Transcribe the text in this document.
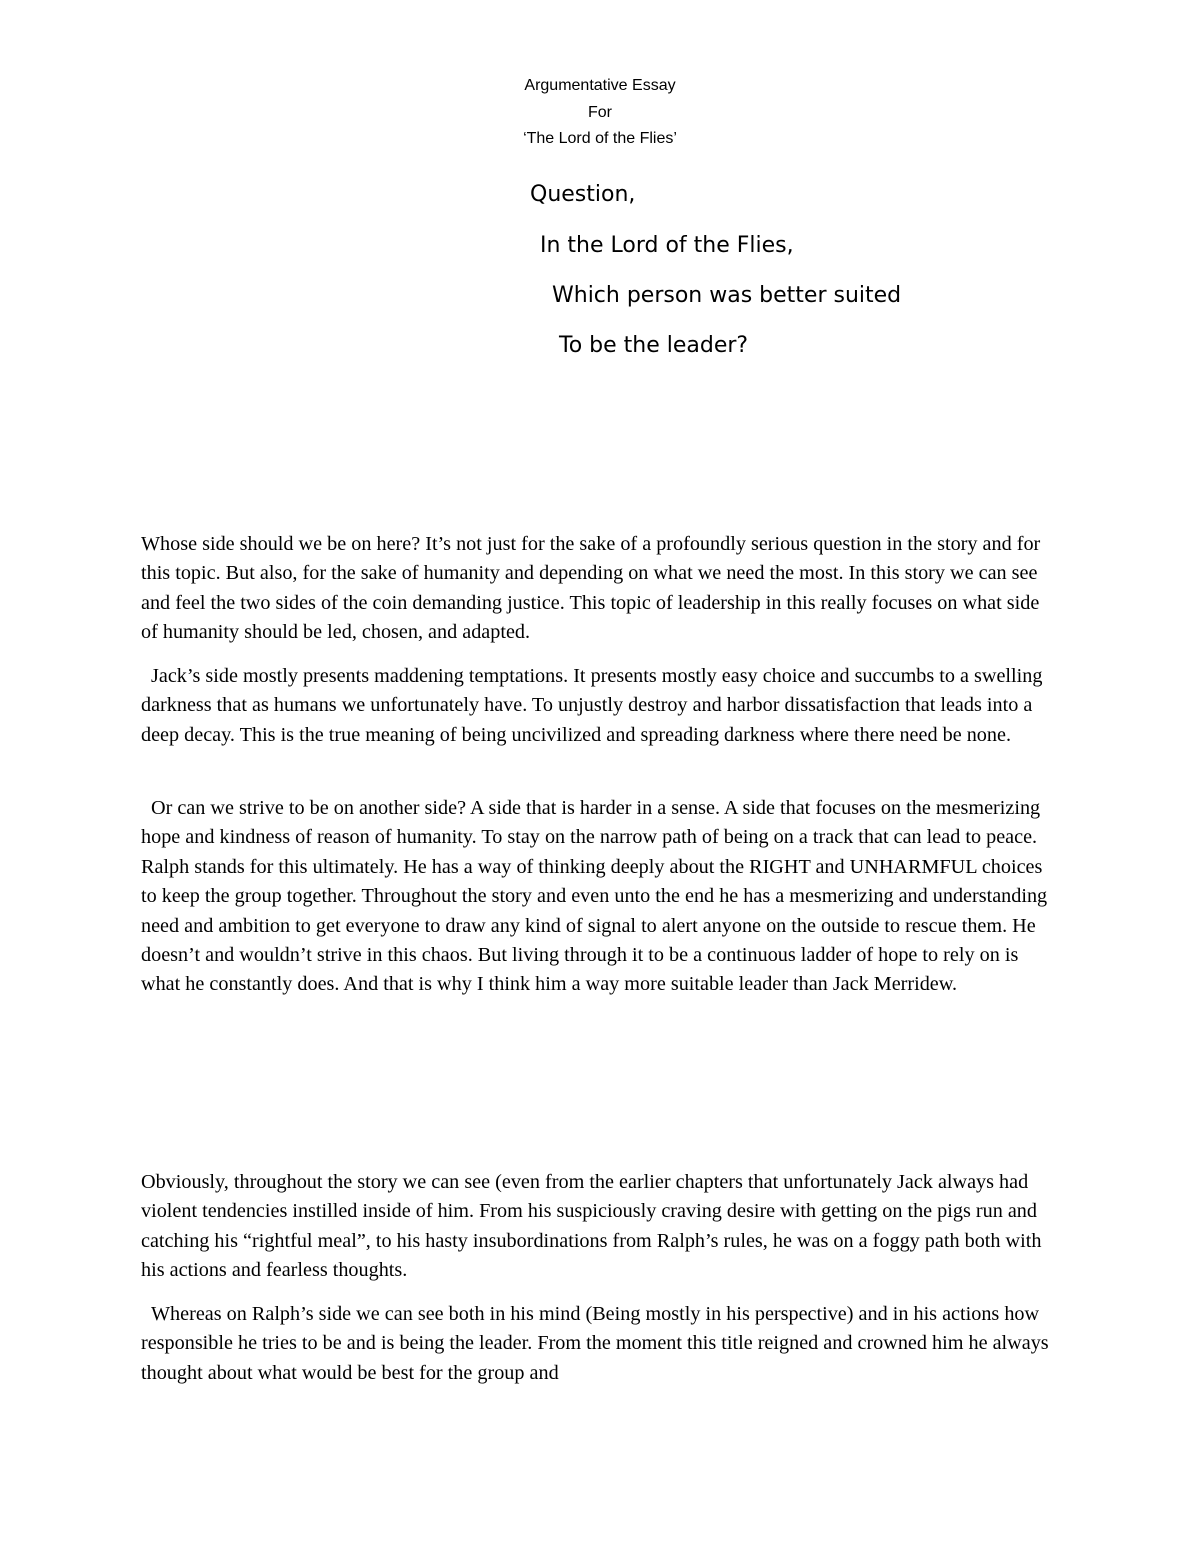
Argumentative Essay
For
‘The Lord of the Flies’
Question,
In the Lord of the Flies,
Which person was better suited
To be the leader?

Whose side should we be on here? It’s not just for the sake of a profoundly serious question in the story and for this topic. But also, for the sake of humanity and depending on what we need the most. In this story we can see and feel the two sides of the coin demanding justice. This topic of leadership in this really focuses on what side of humanity should be led, chosen, and adapted.

Jack’s side mostly presents maddening temptations. It presents mostly easy choice and succumbs to a swelling darkness that as humans we unfortunately have. To unjustly destroy and harbor dissatisfaction that leads into a deep decay. This is the true meaning of being uncivilized and spreading darkness where there need be none.

Or can we strive to be on another side? A side that is harder in a sense. A side that focuses on the mesmerizing hope and kindness of reason of humanity. To stay on the narrow path of being on a track that can lead to peace. Ralph stands for this ultimately. He has a way of thinking deeply about the RIGHT and UNHARMFUL choices to keep the group together. Throughout the story and even unto the end he has a mesmerizing and understanding need and ambition to get everyone to draw any kind of signal to alert anyone on the outside to rescue them. He doesn’t and wouldn’t strive in this chaos. But living through it to be a continuous ladder of hope to rely on is what he constantly does. And that is why I think him a way more suitable leader than Jack Merridew.

Obviously, throughout the story we can see (even from the earlier chapters that unfortunately Jack always had violent tendencies instilled inside of him. From his suspiciously craving desire with getting on the pigs run and catching his “rightful meal”, to his hasty insubordinations from Ralph’s rules, he was on a foggy path both with his actions and fearless thoughts.

Whereas on Ralph’s side we can see both in his mind (Being mostly in his perspective) and in his actions how responsible he tries to be and is being the leader. From the moment this title reigned and crowned him he always thought about what would be best for the group and
